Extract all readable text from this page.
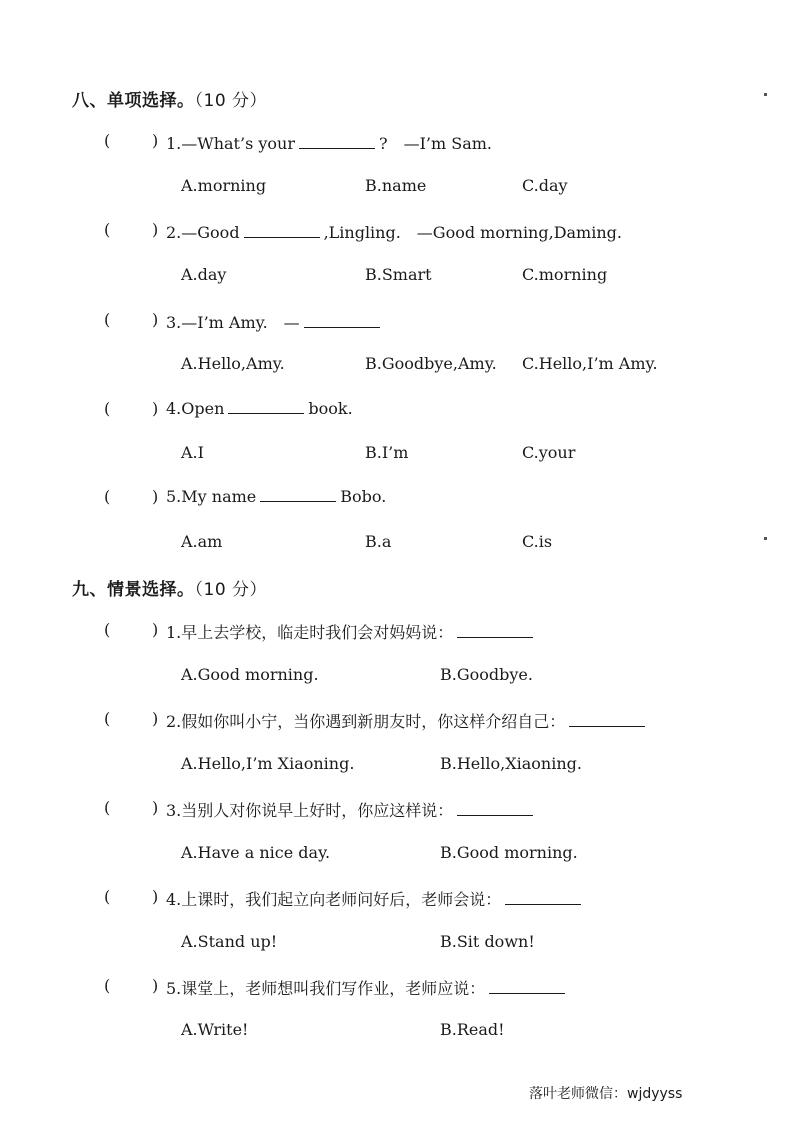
八、单项选择。（10 分）
(	) 1.—What’s your	?　—I’m Sam.
A.morning	B.name	C.day
(	) 2.—Good	,Lingling.　—Good morning,Daming.
A.day	B.Smart	C.morning
(	) 3.—I’m Amy.　—
A.Hello,Amy.	B.Goodbye,Amy. C.Hello,I’m Amy.
(	) 4.Open	book.
A.I	B.I’m	C.your
(	) 5.My name	Bobo.
A.am	B.a	C.is
九、情景选择。（10 分）
(	) 1.早上去学校，临走时我们会对妈妈说：
A.Good morning.	B.Goodbye.
(	) 2.假如你叫小宁，当你遇到新朋友时，你这样介绍自己：
A.Hello,I’m Xiaoning.	B.Hello,Xiaoning.
(	) 3.当别人对你说早上好时，你应这样说：
A.Have a nice day.	B.Good morning.
(	) 4.上课时，我们起立向老师问好后，老师会说：
A.Stand up!	B.Sit down!
(	) 5.课堂上，老师想叫我们写作业，老师应说：
A.Write!	B.Read!
落叶老师微信：wjdyyss
